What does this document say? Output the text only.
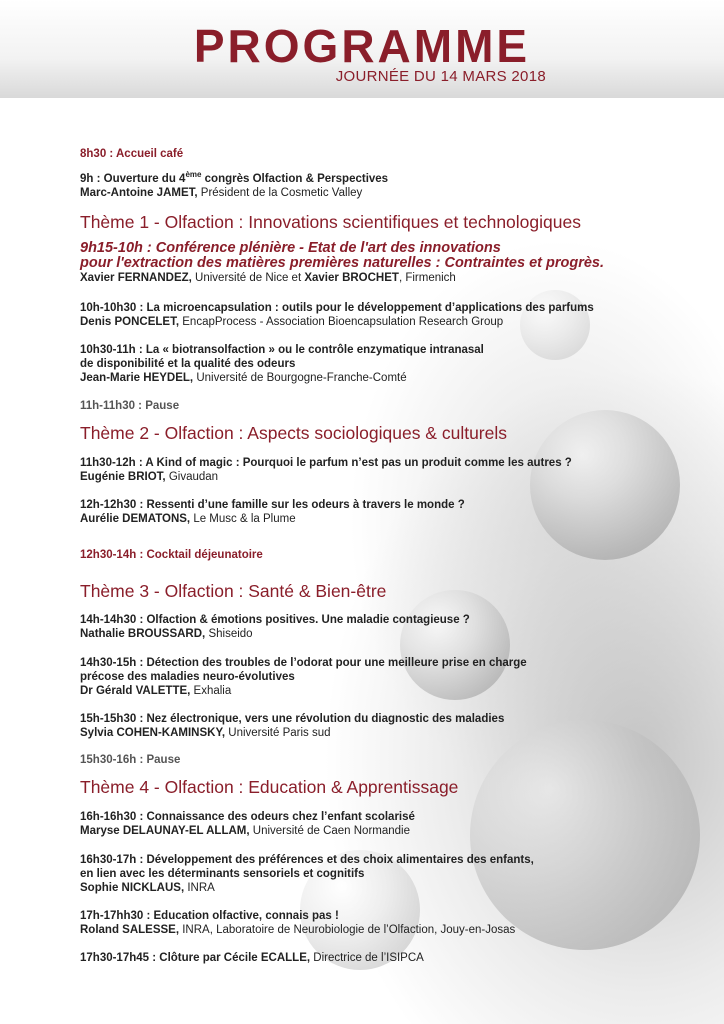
PROGRAMME
JOURNÉE DU 14 MARS 2018
8h30 : Accueil café
9h : Ouverture du 4ème congrès Olfaction & Perspectives
Marc-Antoine JAMET, Président de la Cosmetic Valley
Thème 1 - Olfaction : Innovations scientifiques et technologiques
9h15-10h : Conférence plénière - Etat de l'art des innovations
pour l'extraction des matières premières naturelles : Contraintes et progrès.
Xavier FERNANDEZ, Université de Nice et Xavier BROCHET, Firmenich
10h-10h30 : La microencapsulation : outils pour le développement d’applications des parfums
Denis PONCELET, EncapProcess - Association Bioencapsulation Research Group
10h30-11h : La « biotransolfaction » ou le contrôle enzymatique intranasal
de disponibilité et la qualité des odeurs
Jean-Marie HEYDEL, Université de Bourgogne-Franche-Comté
11h-11h30 : Pause
Thème 2 - Olfaction : Aspects sociologiques & culturels
11h30-12h : A Kind of magic : Pourquoi le parfum n’est pas un produit comme les autres ?
Eugénie BRIOT, Givaudan
12h-12h30 : Ressenti d’une famille sur les odeurs à travers le monde ?
Aurélie DEMATONS, Le Musc & la Plume
12h30-14h : Cocktail déjeunatoire
Thème 3 - Olfaction : Santé & Bien-être
14h-14h30 : Olfaction & émotions positives. Une maladie contagieuse ?
Nathalie BROUSSARD, Shiseido
14h30-15h : Détection des troubles de l’odorat pour une meilleure prise en charge
précose des maladies neuro-évolutives
Dr Gérald VALETTE, Exhalia
15h-15h30 : Nez électronique, vers une révolution du diagnostic des maladies
Sylvia COHEN-KAMINSKY, Université Paris sud
15h30-16h : Pause
Thème 4 - Olfaction : Education & Apprentissage
16h-16h30 : Connaissance des odeurs chez l’enfant scolarisé
Maryse DELAUNAY-EL ALLAM, Université de Caen Normandie
16h30-17h : Développement des préférences et des choix alimentaires des enfants,
en lien avec les déterminants sensoriels et cognitifs
Sophie NICKLAUS, INRA
17h-17hh30 : Education olfactive, connais pas !
Roland SALESSE, INRA, Laboratoire de Neurobiologie de l’Olfaction, Jouy-en-Josas
17h30-17h45 : Clôture par Cécile ECALLE, Directrice de l’ISIPCA
